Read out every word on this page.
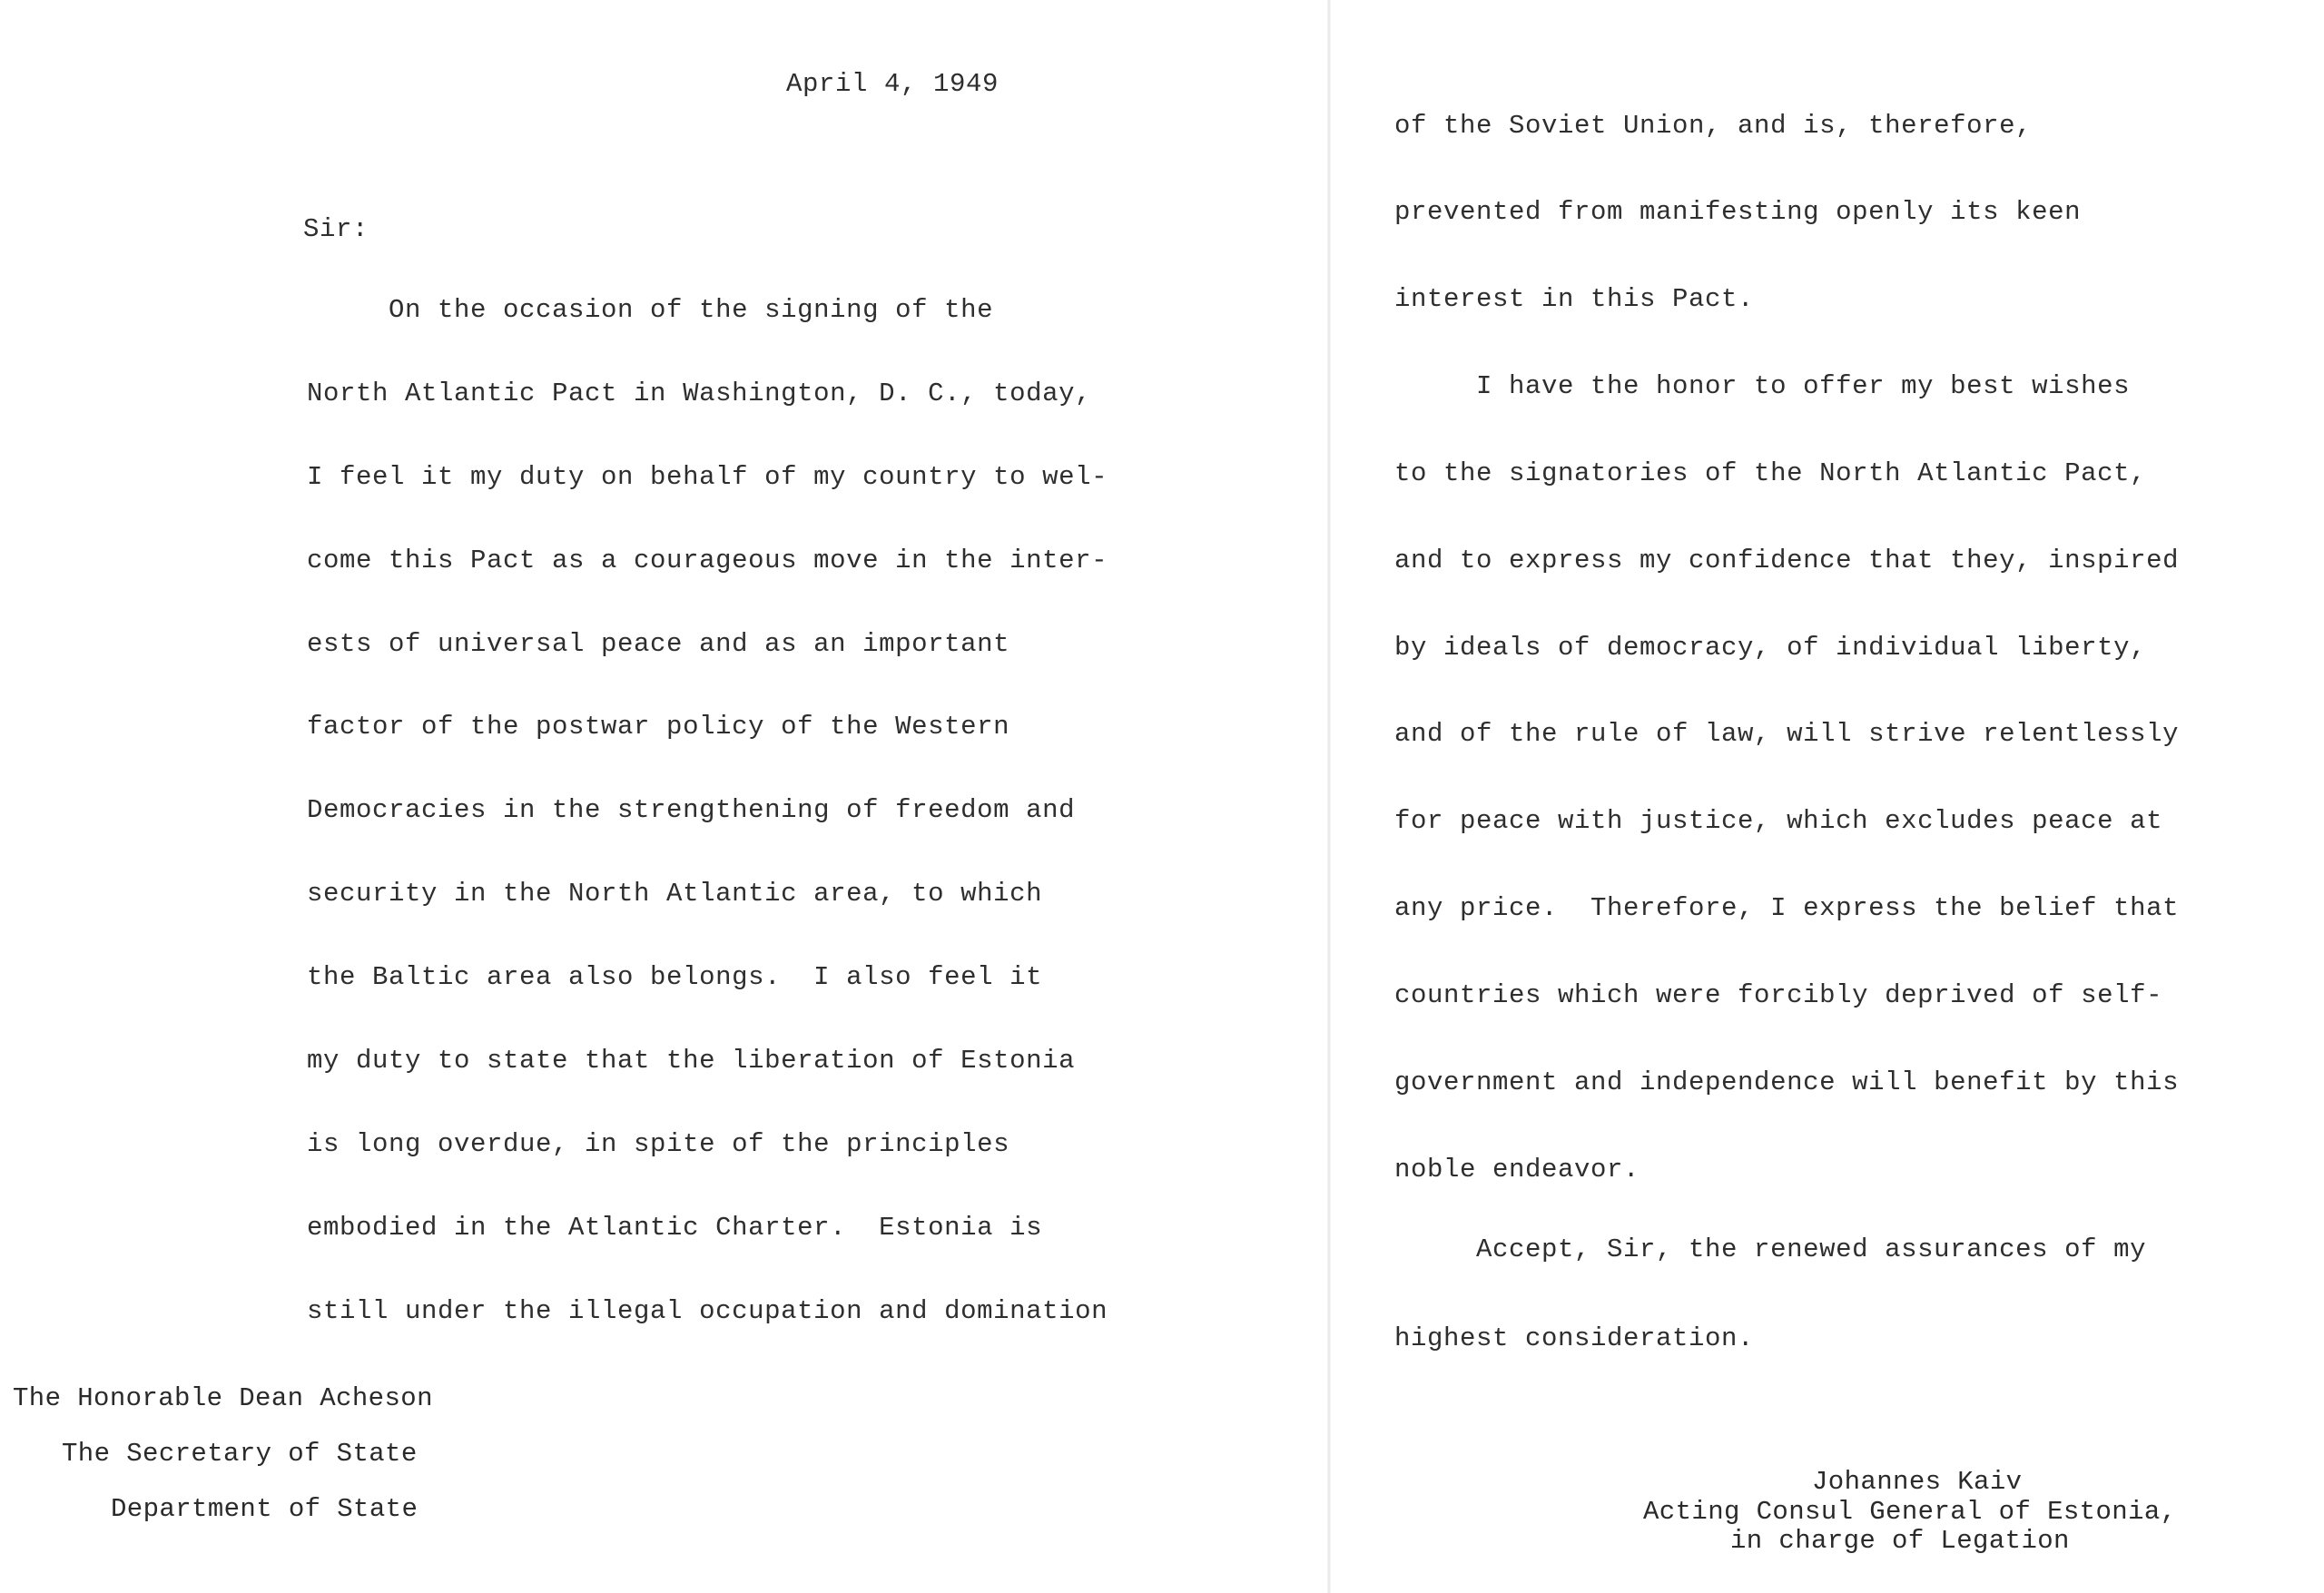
April 4, 1949
Sir:
On the occasion of the signing of the
North Atlantic Pact in Washington, D. C., today,
I feel it my duty on behalf of my country to wel-
come this Pact as a courageous move in the inter-
ests of universal peace and as an important
factor of the postwar policy of the Western
Democracies in the strengthening of freedom and
security in the North Atlantic area, to which
the Baltic area also belongs.  I also feel it
my duty to state that the liberation of Estonia
is long overdue, in spite of the principles
embodied in the Atlantic Charter.  Estonia is
still under the illegal occupation and domination
The Honorable Dean Acheson
The Secretary of State
Department of State
of the Soviet Union, and is, therefore,
prevented from manifesting openly its keen
interest in this Pact.
I have the honor to offer my best wishes
to the signatories of the North Atlantic Pact,
and to express my confidence that they, inspired
by ideals of democracy, of individual liberty,
and of the rule of law, will strive relentlessly
for peace with justice, which excludes peace at
any price.  Therefore, I express the belief that
countries which were forcibly deprived of self-
government and independence will benefit by this
noble endeavor.
Accept, Sir, the renewed assurances of my
highest consideration.
Johannes Kaiv
Acting Consul General of Estonia,
in charge of Legation
